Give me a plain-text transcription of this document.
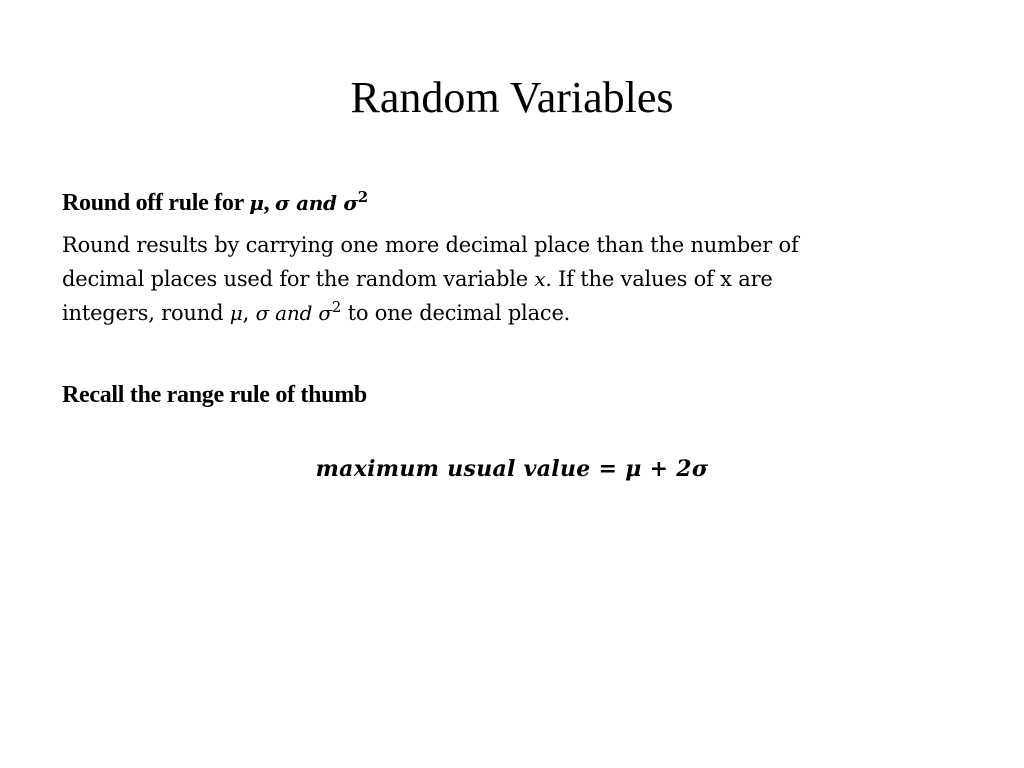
Random Variables
Round off rule for μ, σ and $\sigma^2$
Round results by carrying one more decimal place than the number of
decimal places used for the random variable x. If the values of x are
integers, round μ, σ and $\sigma^2$ to one decimal place.
Recall the range rule of thumb
maximum usual value = μ + 2σ
